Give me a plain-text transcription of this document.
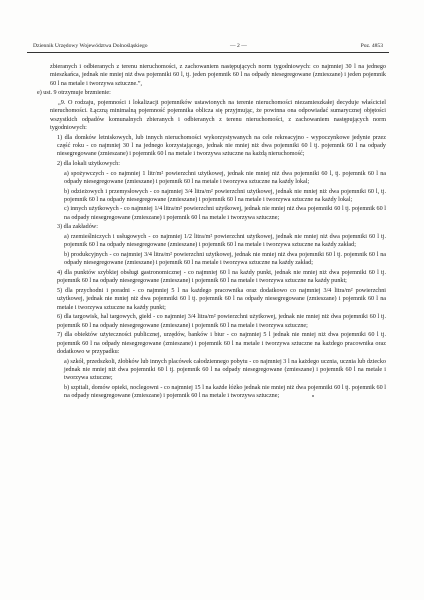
Dziennik Urzędowy Województwa Dolnośląskiego	— 2 —	Poz. 4853

zbieranych i odbieranych z terenu nieruchomości, z zachowaniem następujących norm tygodniowych: co najmniej 30 l na jednego mieszkańca, jednak nie mniej niż dwa pojemniki 60 l, tj. jeden pojemnik 60 l na odpady niesegregowane (zmieszane) i jeden pojemnik 60 l na metale i tworzywa sztuczne.”,

e) ust. 9 otrzymuje brzmienie:

„9. O rodzaju, pojemności i lokalizacji pojemników ustawionych na terenie nieruchomości niezamieszkałej decyduje właściciel nieruchomości. Łączną minimalną pojemność pojemnika oblicza się przyjmując, że powinna ona odpowiadać sumarycznej objętości wszystkich odpadów komunalnych zbieranych i odbieranych z terenu nieruchomości, z zachowaniem następujących norm tygodniowych:

1) dla domków letniskowych, lub innych nieruchomości wykorzystywanych na cele rekreacyjno - wypoczynkowe jedynie przez część roku - co najmniej 30 l na jednego korzystającego, jednak nie mniej niż dwa pojemniki 60 l tj. pojemnik 60 l na odpady niesegregowane (zmieszane) i pojemnik 60 l na metale i tworzywa sztuczne na każdą nieruchomość;

2) dla lokali użytkowych:

a) spożywczych - co najmniej 1 litr/m² powierzchni użytkowej, jednak nie mniej niż dwa pojemniki 60 l, tj. pojemnik 60 l na odpady niesegregowane (zmieszane) i pojemnik 60 l na metale i tworzywa sztuczne na każdy lokal;

b) odzieżowych i przemysłowych - co najmniej 3/4 litra/m² powierzchni użytkowej, jednak nie mniej niż dwa pojemniki 60 l, tj. pojemnik 60 l na odpady niesegregowane (zmieszane) i pojemnik 60 l na metale i tworzywa sztuczne na każdy lokal;

c) innych użytkowych - co najmniej 1/4 litra/m² powierzchni użytkowej, jednak nie mniej niż dwa pojemniki 60 l tj. pojemnik 60 l na odpady niesegregowane (zmieszane) i pojemnik 60 l na metale i tworzywa sztuczne;

3) dla zakładów:

a) rzemieślniczych i usługowych - co najmniej 1/2 litra/m² powierzchni użytkowej, jednak nie mniej niż dwa pojemniki 60 l tj. pojemnik 60 l na odpady niesegregowane (zmieszane) i pojemnik 60 l na metale i tworzywa sztuczne na każdy zakład;

b) produkcyjnych - co najmniej 3/4 litra/m² powierzchni użytkowej, jednak nie mniej niż dwa pojemniki 60 l tj. pojemnik 60 l na odpady niesegregowane (zmieszane) i pojemnik 60 l na metale i tworzywa sztuczne na każdy zakład;

4) dla punktów szybkiej obsługi gastronomicznej - co najmniej 60 l na każdy punkt, jednak nie mniej niż dwa pojemniki 60 l tj. pojemnik 60 l na odpady niesegregowane (zmieszane) i pojemnik 60 l na metale i tworzywa sztuczne na każdy punkt;

5) dla przychodni i poradni - co najmniej 5 l na każdego pracownika oraz dodatkowo co najmniej 3/4 litra/m² powierzchni użytkowej, jednak nie mniej niż dwa pojemniki 60 l tj. pojemnik 60 l na odpady niesegregowane (zmieszane) i pojemnik 60 l na metale i tworzywa sztuczne na każdy punkt;

6) dla targowisk, hal targowych, giełd - co najmniej 3/4 litra/m² powierzchni użytkowej, jednak nie mniej niż dwa pojemniki 60 l tj. pojemnik 60 l na odpady niesegregowane (zmieszane) i pojemnik 60 l na metale i tworzywa sztuczne;

7) dla obiektów użyteczności publicznej, urzędów, banków i biur - co najmniej 5 l jednak nie mniej niż dwa pojemniki 60 l tj. pojemnik 60 l na odpady niesegregowane (zmieszane) i pojemnik 60 l na metale i tworzywa sztuczne na każdego pracownika oraz dodatkowo w przypadku:

a) szkół, przedszkoli, żłobków lub innych placówek całodziennego pobytu - co najmniej 3 l na każdego ucznia, ucznia lub dziecko jednak nie mniej niż dwa pojemniki 60 l tj. pojemnik 60 l na odpady niesegregowane (zmieszane) i pojemnik 60 l na metale i tworzywa sztuczne;

b) szpitali, domów opieki, noclegowni - co najmniej 15 l na każde łóżko jednak nie mniej niż dwa pojemniki 60 l tj. pojemnik 60 l na odpady niesegregowane (zmieszane) i pojemnik 60 l na metale i tworzywa sztuczne;
